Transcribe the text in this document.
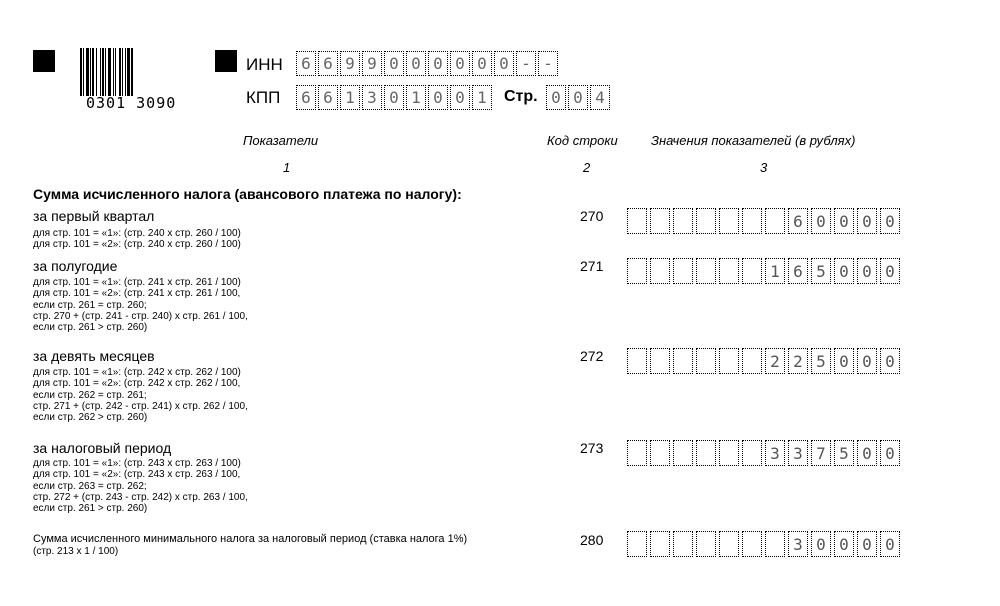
0301 3090
ИНН	6 6 9 9 0 0 0 0 0 0 - -
КПП	6 6 1 3 0 1 0 0 1	Стр. 0 0 4
Показатели	Код строки	Значения показателей (в рублях)
1	2	3
Сумма исчисленного налога (авансового платежа по налогу):
за первый квартал
для стр. 101 = «1»: (стр. 240 х стр. 260 / 100)
для стр. 101 = «2»: (стр. 240 х стр. 260 / 100)
270	6 0 0 0 0
за полугодие
для стр. 101 = «1»: (стр. 241 х стр. 261 / 100)
для стр. 101 = «2»: (стр. 241 х стр. 261 / 100,
если стр. 261 = стр. 260;
стр. 270 + (стр. 241 - стр. 240) х стр. 261 / 100,
если стр. 261 > стр. 260)
271	1 6 5 0 0 0
за девять месяцев
для стр. 101 = «1»: (стр. 242 х стр. 262 / 100)
для стр. 101 = «2»: (стр. 242 х стр. 262 / 100,
если стр. 262 = стр. 261;
стр. 271 + (стр. 242 - стр. 241) х стр. 262 / 100,
если стр. 262 > стр. 260)
272	2 2 5 0 0 0
за налоговый период
для стр. 101 = «1»: (стр. 243 х стр. 263 / 100)
для стр. 101 = «2»: (стр. 243 х стр. 263 / 100,
если стр. 263 = стр. 262;
стр. 272 + (стр. 243 - стр. 242) х стр. 263 / 100,
если стр. 261 > стр. 260)
273	3 3 7 5 0 0
Сумма исчисленного минимального налога за налоговый период (ставка налога 1%)
(стр. 213 х 1 / 100)
280	3 0 0 0 0
